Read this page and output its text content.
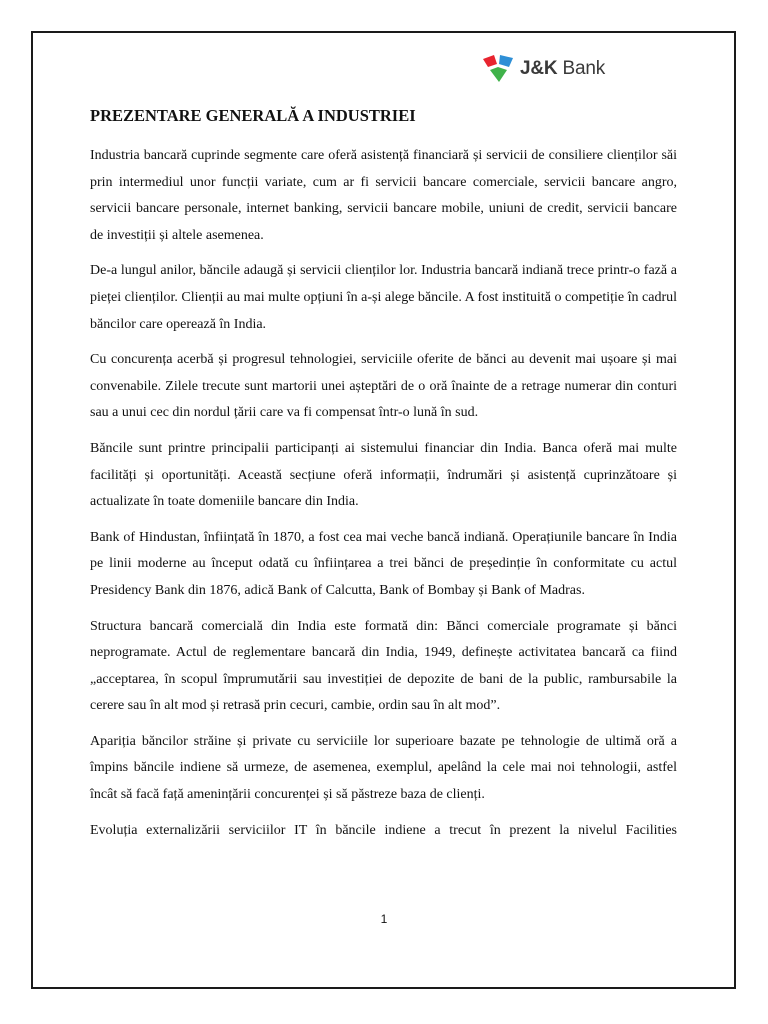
J&K Bank
PREZENTARE GENERALĂ A INDUSTRIEI

Industria bancară cuprinde segmente care oferă asistență financiară și servicii de consiliere clienților săi prin intermediul unor funcții variate, cum ar fi servicii bancare comerciale, servicii bancare angro, servicii bancare personale, internet banking, servicii bancare mobile, uniuni de credit, servicii bancare de investiții și altele asemenea.

De-a lungul anilor, băncile adaugă și servicii clienților lor. Industria bancară indiană trece printr-o fază a pieței clienților. Clienții au mai multe opțiuni în a-și alege băncile. A fost instituită o competiție în cadrul băncilor care operează în India.

Cu concurența acerbă și progresul tehnologiei, serviciile oferite de bănci au devenit mai ușoare și mai convenabile. Zilele trecute sunt martorii unei așteptări de o oră înainte de a retrage numerar din conturi sau a unui cec din nordul țării care va fi compensat într-o lună în sud.

Băncile sunt printre principalii participanți ai sistemului financiar din India. Banca oferă mai multe facilități și oportunități. Această secțiune oferă informații, îndrumări și asistență cuprinzătoare și actualizate în toate domeniile bancare din India.

Bank of Hindustan, înființată în 1870, a fost cea mai veche bancă indiană. Operațiunile bancare în India pe linii moderne au început odată cu înființarea a trei bănci de președinție în conformitate cu actul Presidency Bank din 1876, adică Bank of Calcutta, Bank of Bombay și Bank of Madras.

Structura bancară comercială din India este formată din: Bănci comerciale programate și bănci neprogramate. Actul de reglementare bancară din India, 1949, definește activitatea bancară ca fiind „acceptarea, în scopul împrumutării sau investiției de depozite de bani de la public, rambursabile la cerere sau în alt mod și retrasă prin cecuri, cambie, ordin sau în alt mod”.

Apariția băncilor străine și private cu serviciile lor superioare bazate pe tehnologie de ultimă oră a împins băncile indiene să urmeze, de asemenea, exemplul, apelând la cele mai noi tehnologii, astfel încât să facă față amenințării concurenței și să păstreze baza de clienți.

Evoluția externalizării serviciilor IT în băncile indiene a trecut în prezent la nivelul Facilities

1
